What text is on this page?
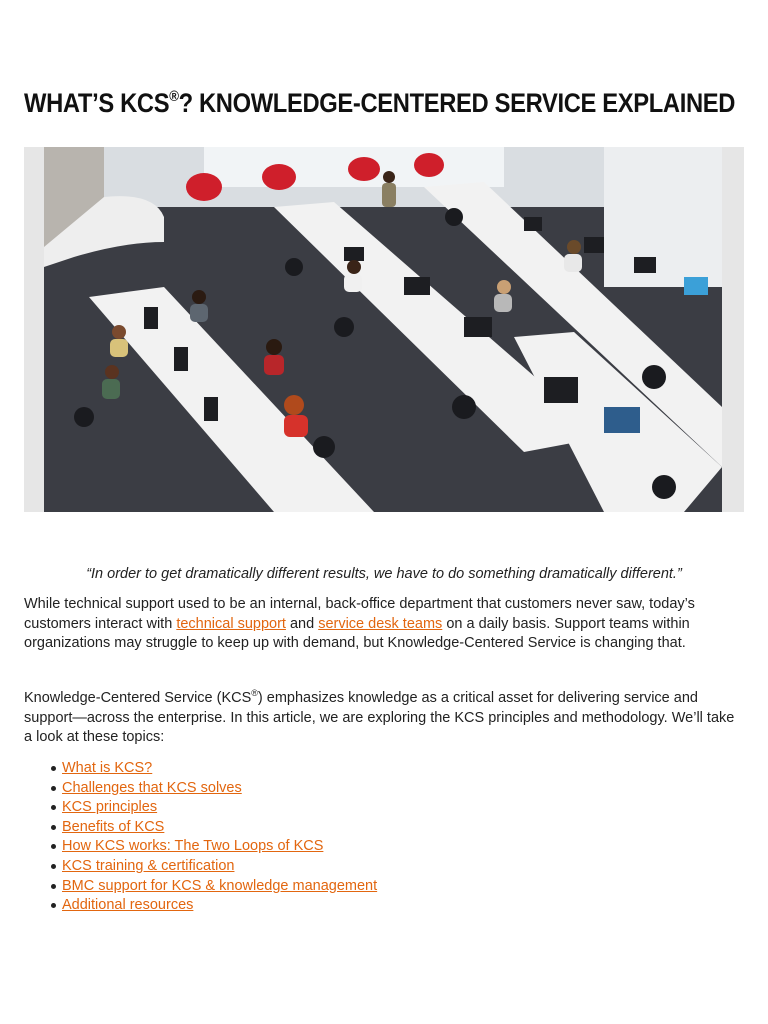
WHAT’S KCS®? KNOWLEDGE-CENTERED SERVICE EXPLAINED

“In order to get dramatically different results, we have to do something dramatically different.”

While technical support used to be an internal, back-office department that customers never saw, today’s customers interact with technical support and service desk teams on a daily basis. Support teams within organizations may struggle to keep up with demand, but Knowledge-Centered Service is changing that.

Knowledge-Centered Service (KCS®) emphasizes knowledge as a critical asset for delivering service and support—across the enterprise. In this article, we are exploring the KCS principles and methodology. We’ll take a look at these topics:

What is KCS?
Challenges that KCS solves
KCS principles
Benefits of KCS
How KCS works: The Two Loops of KCS
KCS training & certification
BMC support for KCS & knowledge management
Additional resources
